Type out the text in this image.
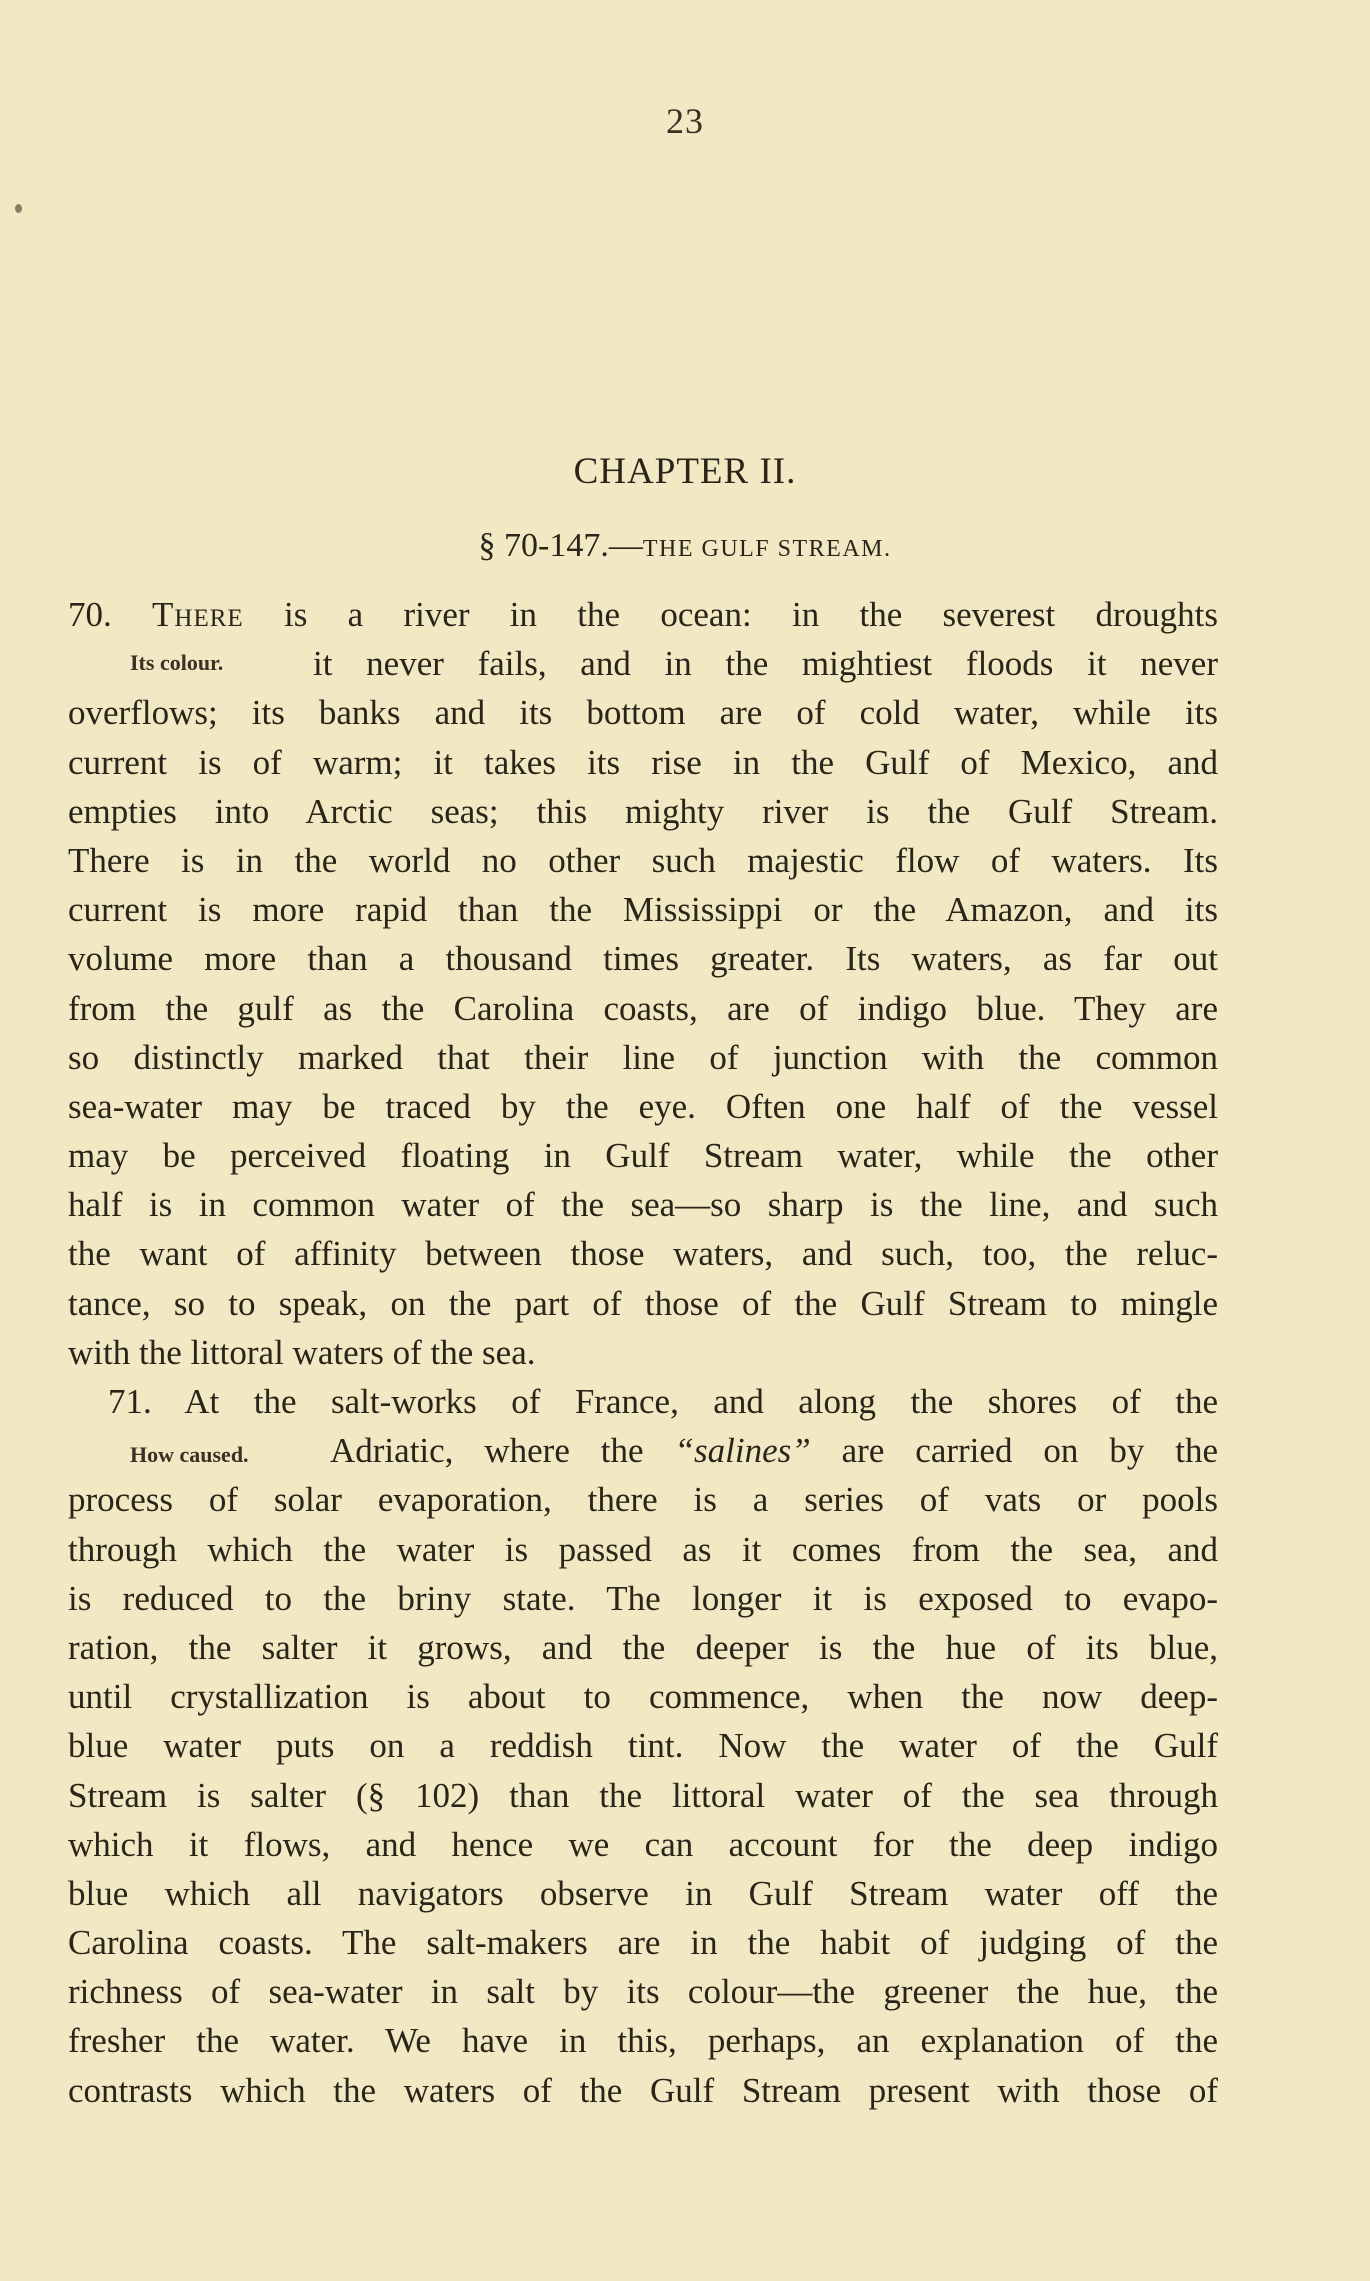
23
CHAPTER II.
§ 70-147.—THE GULF STREAM.
70. There is a river in the ocean: in the severest droughts
it never fails, and in the mightiest floods it never
overflows; its banks and its bottom are of cold water, while its
current is of warm; it takes its rise in the Gulf of Mexico, and
empties into Arctic seas; this mighty river is the Gulf Stream.
There is in the world no other such majestic flow of waters. Its
current is more rapid than the Mississippi or the Amazon, and its
volume more than a thousand times greater. Its waters, as far out
from the gulf as the Carolina coasts, are of indigo blue. They are
so distinctly marked that their line of junction with the common
sea-water may be traced by the eye. Often one half of the vessel
may be perceived floating in Gulf Stream water, while the other
half is in common water of the sea—so sharp is the line, and such
the want of affinity between those waters, and such, too, the reluc-
tance, so to speak, on the part of those of the Gulf Stream to mingle
with the littoral waters of the sea.
71. At the salt-works of France, and along the shores of the
Adriatic, where the “salines” are carried on by the
process of solar evaporation, there is a series of vats or pools
through which the water is passed as it comes from the sea, and
is reduced to the briny state. The longer it is exposed to evapo-
ration, the salter it grows, and the deeper is the hue of its blue,
until crystallization is about to commence, when the now deep-
blue water puts on a reddish tint. Now the water of the Gulf
Stream is salter (§ 102) than the littoral water of the sea through
which it flows, and hence we can account for the deep indigo
blue which all navigators observe in Gulf Stream water off the
Carolina coasts. The salt-makers are in the habit of judging of the
richness of sea-water in salt by its colour—the greener the hue, the
fresher the water. We have in this, perhaps, an explanation of the
contrasts which the waters of the Gulf Stream present with those of
Its colour.
How caused.
